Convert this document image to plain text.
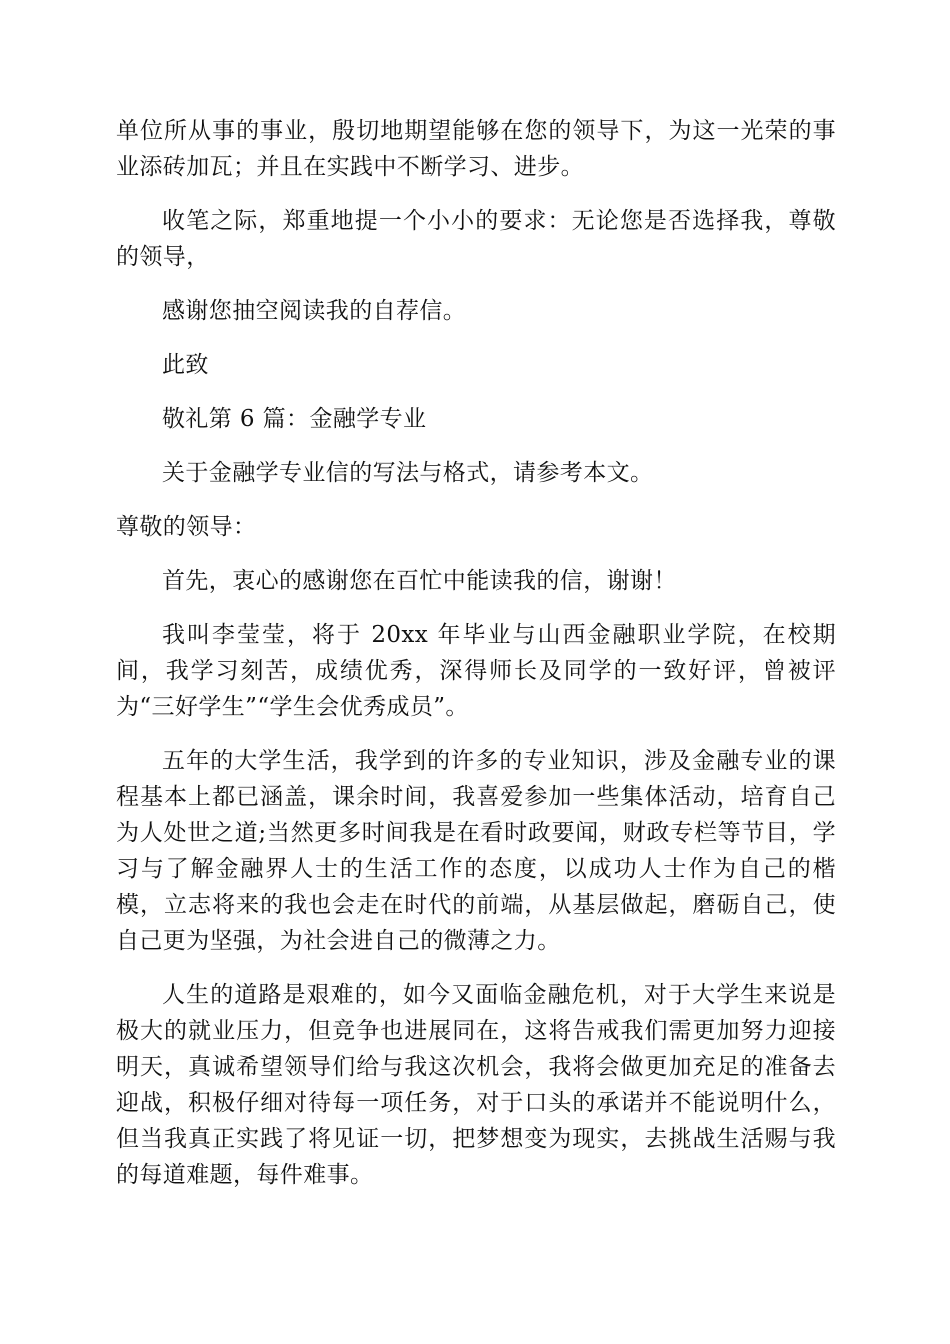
单位所从事的事业，殷切地期望能够在您的领导下，为这一光荣的事业添砖加瓦；并且在实践中不断学习、进步。

收笔之际，郑重地提一个小小的要求：无论您是否选择我，尊敬的领导，

感谢您抽空阅读我的自荐信。

此致

敬礼第 6 篇：金融学专业

关于金融学专业信的写法与格式，请参考本文。

尊敬的领导：

首先，衷心的感谢您在百忙中能读我的信，谢谢！

我叫李莹莹，将于 20xx 年毕业与山西金融职业学院，在校期间，我学习刻苦，成绩优秀，深得师长及同学的一致好评，曾被评为“三好学生”“学生会优秀成员”。

五年的大学生活，我学到的许多的专业知识，涉及金融专业的课程基本上都已涵盖，课余时间，我喜爱参加一些集体活动，培育自己为人处世之道;当然更多时间我是在看时政要闻，财政专栏等节目，学习与了解金融界人士的生活工作的态度，以成功人士作为自己的楷模，立志将来的我也会走在时代的前端，从基层做起，磨砺自己，使自己更为坚强，为社会进自己的微薄之力。

人生的道路是艰难的，如今又面临金融危机，对于大学生来说是极大的就业压力，但竞争也进展同在，这将告戒我们需更加努力迎接明天，真诚希望领导们给与我这次机会，我将会做更加充足的准备去迎战，积极仔细对待每一项任务，对于口头的承诺并不能说明什么，但当我真正实践了将见证一切，把梦想变为现实，去挑战生活赐与我的每道难题，每件难事。
